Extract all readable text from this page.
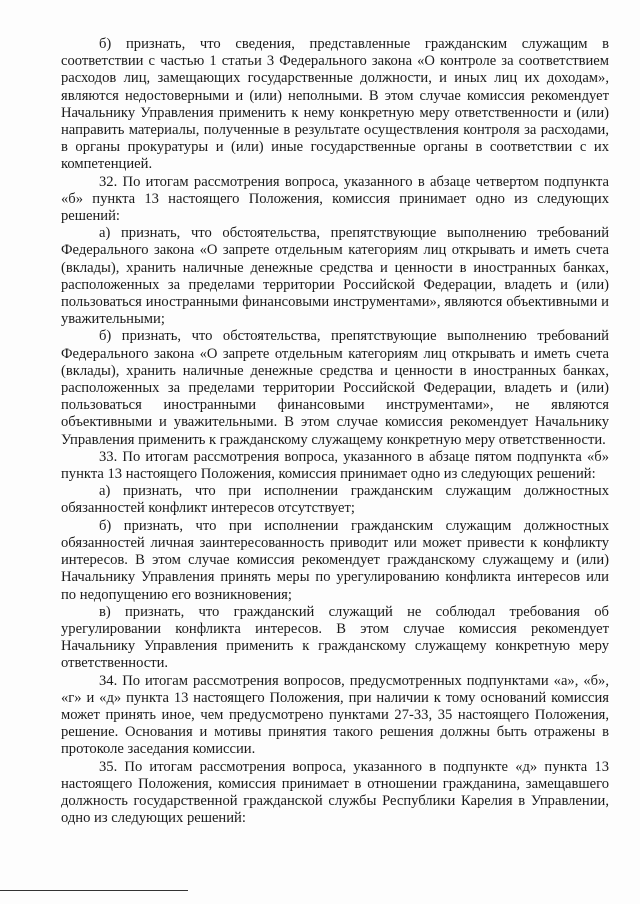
б) признать, что сведения, представленные гражданским служащим в соответствии с частью 1 статьи 3 Федерального закона «О контроле за соответствием расходов лиц, замещающих государственные должности, и иных лиц их доходам», являются недостоверными и (или) неполными. В этом случае комиссия рекомендует Начальнику Управления применить к нему конкретную меру ответственности и (или) направить материалы, полученные в результате осуществления контроля за расходами, в органы прокуратуры и (или) иные государственные органы в соответствии с их компетенцией.

32. По итогам рассмотрения вопроса, указанного в абзаце четвертом подпункта «б» пункта 13 настоящего Положения, комиссия принимает одно из следующих решений:

а) признать, что обстоятельства, препятствующие выполнению требований Федерального закона «О запрете отдельным категориям лиц открывать и иметь счета (вклады), хранить наличные денежные средства и ценности в иностранных банках, расположенных за пределами территории Российской Федерации, владеть и (или) пользоваться иностранными финансовыми инструментами», являются объективными и уважительными;

б) признать, что обстоятельства, препятствующие выполнению требований Федерального закона «О запрете отдельным категориям лиц открывать и иметь счета (вклады), хранить наличные денежные средства и ценности в иностранных банках, расположенных за пределами территории Российской Федерации, владеть и (или) пользоваться иностранными финансовыми инструментами», не являются объективными и уважительными. В этом случае комиссия рекомендует Начальнику Управления применить к гражданскому служащему конкретную меру ответственности.

33. По итогам рассмотрения вопроса, указанного в абзаце пятом подпункта «б» пункта 13 настоящего Положения, комиссия принимает одно из следующих решений:

а) признать, что при исполнении гражданским служащим должностных обязанностей конфликт интересов отсутствует;

б) признать, что при исполнении гражданским служащим должностных обязанностей личная заинтересованность приводит или может привести к конфликту интересов. В этом случае комиссия рекомендует гражданскому служащему и (или) Начальнику Управления принять меры по урегулированию конфликта интересов или по недопущению его возникновения;

в) признать, что гражданский служащий не соблюдал требования об урегулировании конфликта интересов. В этом случае комиссия рекомендует Начальнику Управления применить к гражданскому служащему конкретную меру ответственности.

34. По итогам рассмотрения вопросов, предусмотренных подпунктами «а», «б», «г» и «д» пункта 13 настоящего Положения, при наличии к тому оснований комиссия может принять иное, чем предусмотрено пунктами 27-33, 35 настоящего Положения, решение. Основания и мотивы принятия такого решения должны быть отражены в протоколе заседания комиссии.

35. По итогам рассмотрения вопроса, указанного в подпункте «д» пункта 13 настоящего Положения, комиссия принимает в отношении гражданина, замещавшего должность государственной гражданской службы Республики Карелия в Управлении, одно из следующих решений:
